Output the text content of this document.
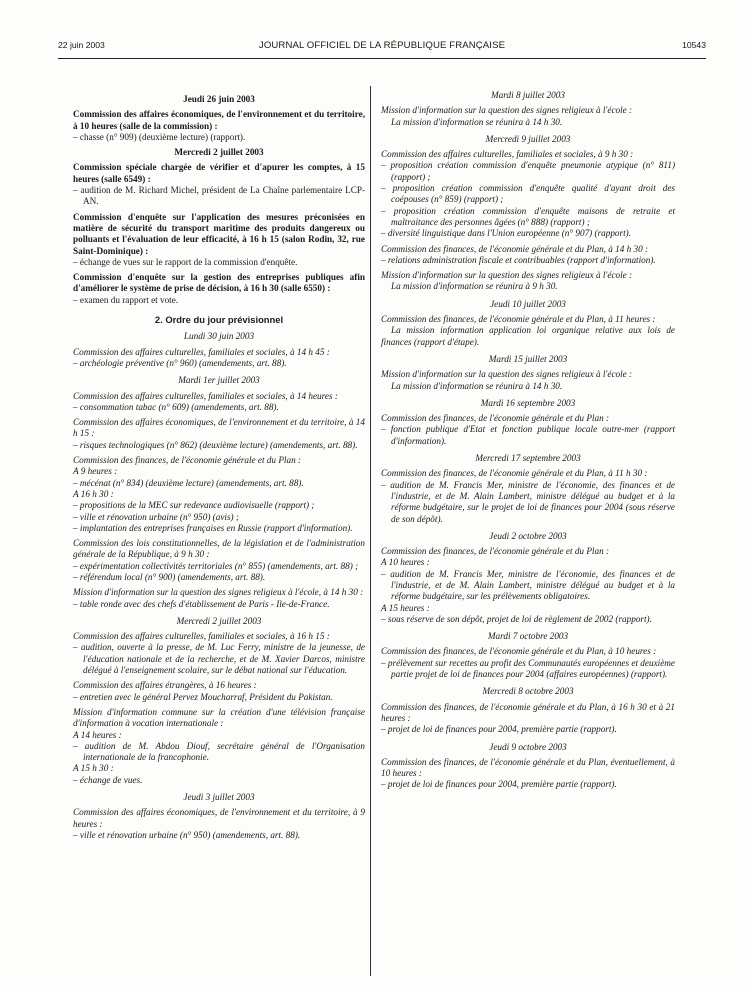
22 juin 2003	JOURNAL OFFICIEL DE LA RÉPUBLIQUE FRANÇAISE	10543

Jeudi 26 juin 2003

Commission des affaires économiques, de l'environnement et du territoire, à 10 heures (salle de la commission) :

– chasse (n° 909) (deuxième lecture) (rapport).

Mercredi 2 juillet 2003

Commission spéciale chargée de vérifier et d'apurer les comptes, à 15 heures (salle 6549) :

– audition de M. Richard Michel, président de La Chaîne parlementaire LCP-AN.

Commission d'enquête sur l'application des mesures préconisées en matière de sécurité du transport maritime des produits dangereux ou polluants et l'évaluation de leur efficacité, à 16 h 15 (salon Rodin, 32, rue Saint-Dominique) :

– échange de vues sur le rapport de la commission d'enquête.

Commission d'enquête sur la gestion des entreprises publiques afin d'améliorer le système de prise de décision, à 16 h 30 (salle 6550) :

– examen du rapport et vote.

2. Ordre du jour prévisionnel

Lundi 30 juin 2003

Commission des affaires culturelles, familiales et sociales, à 14 h 45 :

– archéologie préventive (n° 960) (amendements, art. 88).

Mardi 1er juillet 2003

Commission des affaires culturelles, familiales et sociales, à 14 heures :

– consommation tabac (n° 609) (amendements, art. 88).

Commission des affaires économiques, de l'environnement et du territoire, à 14 h 15 :

– risques technologiques (n° 862) (deuxième lecture) (amendements, art. 88).

Commission des finances, de l'économie générale et du Plan :

A 9 heures :

– mécénat (n° 834) (deuxième lecture) (amendements, art. 88).

A 16 h 30 :

– propositions de la MEC sur redevance audiovisuelle (rapport) ;

– ville et rénovation urbaine (n° 950) (avis) ;

– implantation des entreprises françaises en Russie (rapport d'information).

Commission des lois constitutionnelles, de la législation et de l'administration générale de la République, à 9 h 30 :

– expérimentation collectivités territoriales (n° 855) (amendements, art. 88) ;

– référendum local (n° 900) (amendements, art. 88).

Mission d'information sur la question des signes religieux à l'école, à 14 h 30 :

– table ronde avec des chefs d'établissement de Paris - Ile-de-France.

Mercredi 2 juillet 2003

Commission des affaires culturelles, familiales et sociales, à 16 h 15 :

– audition, ouverte à la presse, de M. Luc Ferry, ministre de la jeunesse, de l'éducation nationale et de la recherche, et de M. Xavier Darcos, ministre délégué à l'enseignement scolaire, sur le débat national sur l'éducation.

Commission des affaires étrangères, à 16 heures :

– entretien avec le général Pervez Moucharraf, Président du Pakistan.

Mission d'information commune sur la création d'une télévision française d'information à vocation internationale :

A 14 heures :

– audition de M. Abdou Diouf, secrétaire général de l'Organisation internationale de la francophonie.

A 15 h 30 :

– échange de vues.

Jeudi 3 juillet 2003

Commission des affaires économiques, de l'environnement et du territoire, à 9 heures :

– ville et rénovation urbaine (n° 950) (amendements, art. 88).

Mardi 8 juillet 2003

Mission d'information sur la question des signes religieux à l'école :

La mission d'information se réunira à 14 h 30.

Mercredi 9 juillet 2003

Commission des affaires culturelles, familiales et sociales, à 9 h 30 :

– proposition création commission d'enquête pneumonie atypique (n° 811) (rapport) ;

– proposition création commission d'enquête qualité d'ayant droit des coépouses (n° 859) (rapport) ;

– proposition création commission d'enquête maisons de retraite et maltraitance des personnes âgées (n° 888) (rapport) ;

– diversité linguistique dans l'Union européenne (n° 907) (rapport).

Commission des finances, de l'économie générale et du Plan, à 14 h 30 :

– relations administration fiscale et contribuables (rapport d'information).

Mission d'information sur la question des signes religieux à l'école :

La mission d'information se réunira à 9 h 30.

Jeudi 10 juillet 2003

Commission des finances, de l'économie générale et du Plan, à 11 heures :

La mission information application loi organique relative aux lois de finances (rapport d'étape).

Mardi 15 juillet 2003

Mission d'information sur la question des signes religieux à l'école :

La mission d'information se réunira à 14 h 30.

Mardi 16 septembre 2003

Commission des finances, de l'économie générale et du Plan :

– fonction publique d'Etat et fonction publique locale outre-mer (rapport d'information).

Mercredi 17 septembre 2003

Commission des finances, de l'économie générale et du Plan, à 11 h 30 :

– audition de M. Francis Mer, ministre de l'économie, des finances et de l'industrie, et de M. Alain Lambert, ministre délégué au budget et à la réforme budgétaire, sur le projet de loi de finances pour 2004 (sous réserve de son dépôt).

Jeudi 2 octobre 2003

Commission des finances, de l'économie générale et du Plan :

A 10 heures :

– audition de M. Francis Mer, ministre de l'économie, des finances et de l'industrie, et de M. Alain Lambert, ministre délégué au budget et à la réforme budgétaire, sur les prélèvements obligatoires.

A 15 heures :

– sous réserve de son dépôt, projet de loi de règlement de 2002 (rapport).

Mardi 7 octobre 2003

Commission des finances, de l'économie générale et du Plan, à 10 heures :

– prélèvement sur recettes au profit des Communautés européennes et deuxième partie projet de loi de finances pour 2004 (affaires européennes) (rapport).

Mercredi 8 octobre 2003

Commission des finances, de l'économie générale et du Plan, à 16 h 30 et à 21 heures :

– projet de loi de finances pour 2004, première partie (rapport).

Jeudi 9 octobre 2003

Commission des finances, de l'économie générale et du Plan, éventuellement, à 10 heures :

– projet de loi de finances pour 2004, première partie (rapport).
